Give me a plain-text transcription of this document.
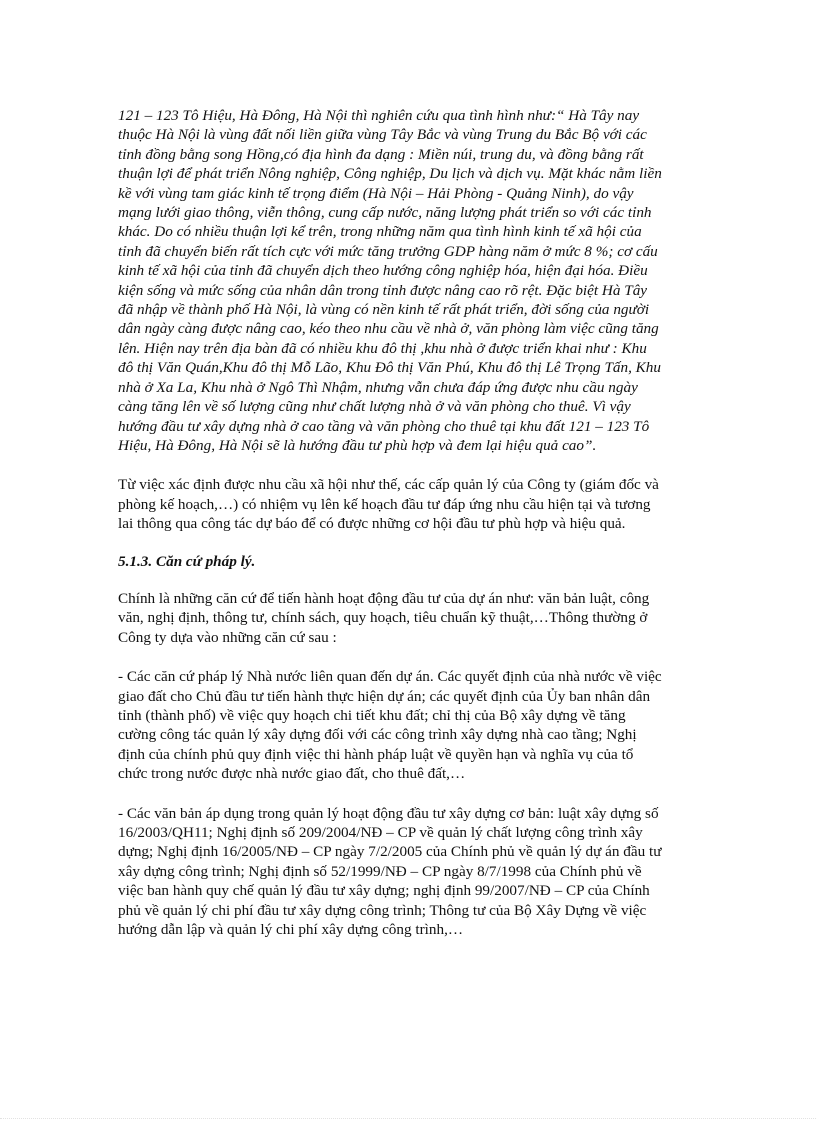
121 – 123 Tô Hiệu, Hà Đông, Hà Nội thì nghiên cứu qua tình hình như:“ Hà Tây nay
thuộc Hà Nội là vùng đất nối liền giữa vùng Tây Bắc và vùng Trung du Bắc Bộ với các
tỉnh đồng bằng song Hồng,có địa hình đa dạng : Miền núi, trung du, và đồng bằng rất
thuận lợi để phát triển Nông nghiệp, Công nghiệp, Du lịch và dịch vụ. Mặt khác nằm liền
kề với vùng tam giác kinh tế trọng điểm (Hà Nội – Hải Phòng - Quảng Ninh), do vậy
mạng lưới giao thông, viễn thông, cung cấp nước, năng lượng phát triển so với các tỉnh
khác. Do có nhiều thuận lợi kể trên, trong những năm qua tình hình kinh tế xã hội của
tỉnh đã chuyển biến rất tích cực với mức tăng trưởng GDP hàng năm ở mức 8 %; cơ cấu
kinh tế xã hội của tỉnh đã chuyển dịch theo hướng công nghiệp hóa, hiện đại hóa. Điều
kiện sống và mức sống của nhân dân trong tỉnh được nâng cao rõ rệt. Đặc biệt Hà Tây
đã nhập về thành phố Hà Nội, là vùng có nền kinh tế rất phát triển, đời sống của người
dân ngày càng được nâng cao, kéo theo nhu cầu về nhà ở, văn phòng làm việc cũng tăng
lên. Hiện nay trên địa bàn đã có nhiều khu đô thị ,khu nhà ở được triển khai như : Khu
đô thị Văn Quán,Khu đô thị Mỗ Lão, Khu Đô thị Văn Phú, Khu đô thị Lê Trọng Tấn, Khu
nhà ở Xa La, Khu nhà ở Ngô Thì Nhậm, nhưng vẫn chưa đáp ứng được nhu cầu ngày
càng tăng lên về số lượng cũng như chất lượng nhà ở và văn phòng cho thuê. Vì vậy
hướng đầu tư xây dựng nhà ở cao tầng và văn phòng cho thuê tại khu đất 121 – 123 Tô
Hiệu, Hà Đông, Hà Nội sẽ là hướng đầu tư phù hợp và đem lại hiệu quả cao”.

Từ việc xác định được nhu cầu xã hội như thế, các cấp quản lý của Công ty (giám đốc và
phòng kế hoạch,…) có nhiệm vụ lên kế hoạch đầu tư đáp ứng nhu cầu hiện tại và tương
lai thông qua công tác dự báo để có được những cơ hội đầu tư phù hợp và hiệu quả.

5.1.3. Căn cứ pháp lý.

Chính là những căn cứ để tiến hành hoạt động đầu tư của dự án như: văn bản luật, công
văn, nghị định, thông tư, chính sách, quy hoạch, tiêu chuẩn kỹ thuật,…Thông thường ở
Công ty dựa vào những căn cứ sau :

- Các căn cứ pháp lý Nhà nước liên quan đến dự án. Các quyết định của nhà nước về việc
giao đất cho Chủ đầu tư tiến hành thực hiện dự án; các quyết định của Ủy ban nhân dân
tỉnh (thành phố) về việc quy hoạch chi tiết khu đất; chỉ thị của Bộ xây dựng về tăng
cường công tác quản lý xây dựng đối với các công trình xây dựng nhà cao tầng; Nghị
định của chính phủ quy định việc thi hành pháp luật về quyền hạn và nghĩa vụ của tổ
chức trong nước được nhà nước giao đất, cho thuê đất,…

- Các văn bản áp dụng trong quản lý hoạt động đầu tư xây dựng cơ bản: luật xây dựng số
16/2003/QH11; Nghị định số 209/2004/NĐ – CP về quản lý chất lượng công trình xây
dựng; Nghị định 16/2005/NĐ – CP ngày 7/2/2005 của Chính phủ về quản lý dự án đầu tư
xây dựng công trình; Nghị định số 52/1999/NĐ – CP ngày 8/7/1998 của Chính phủ về
việc ban hành quy chế quản lý đầu tư xây dựng; nghị định 99/2007/NĐ – CP của Chính
phủ về quản lý chi phí đầu tư xây dựng công trình; Thông tư của Bộ Xây Dựng về việc
hướng dẫn lập và quản lý chi phí xây dựng công trình,…
